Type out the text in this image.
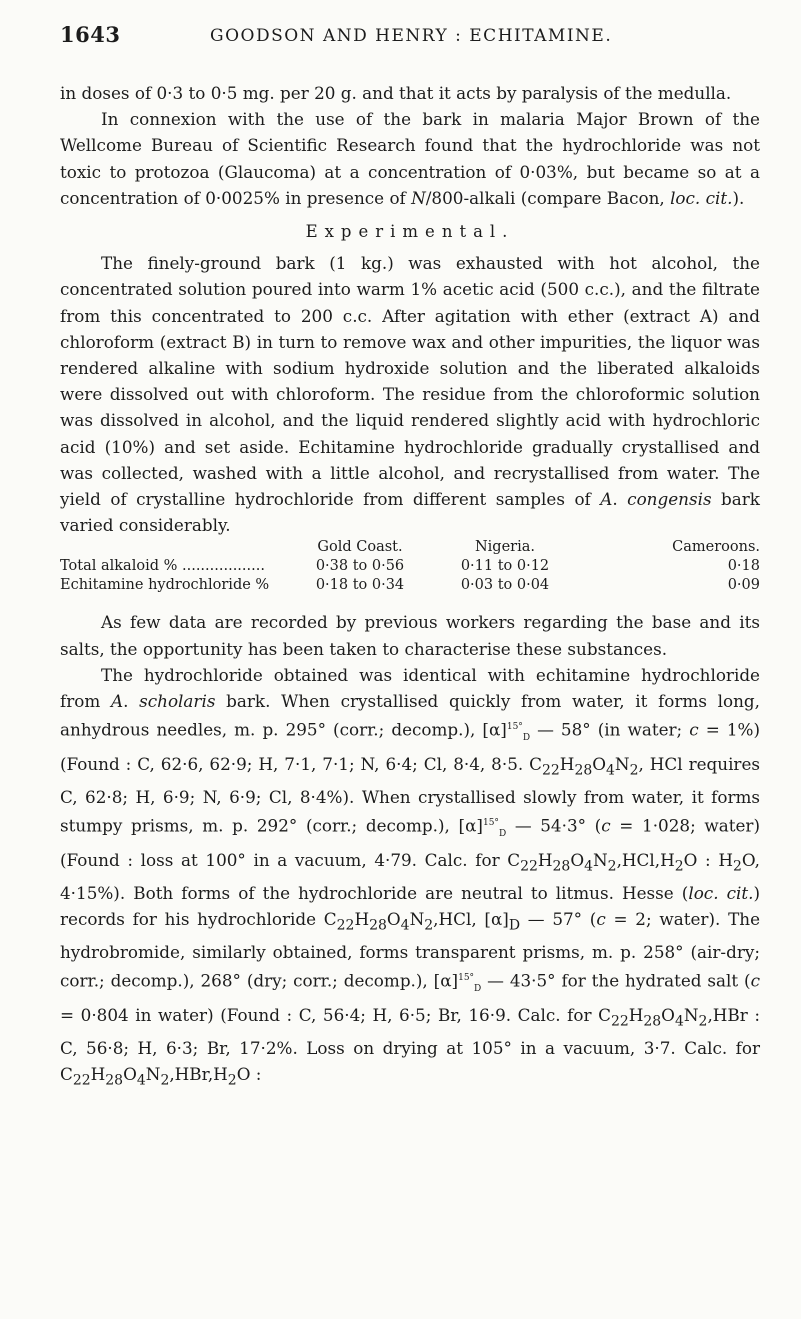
1643	GOODSON AND HENRY : ECHITAMINE.

in doses of 0·3 to 0·5 mg. per 20 g. and that it acts by paralysis of the medulla.

In connexion with the use of the bark in malaria Major Brown of the Wellcome Bureau of Scientific Research found that the hydrochloride was not toxic to protozoa (Glaucoma) at a concentration of 0·03%, but became so at a concentration of 0·0025% in presence of N/800-alkali (compare Bacon, loc. cit.).

Experimental.

The finely-ground bark (1 kg.) was exhausted with hot alcohol, the concentrated solution poured into warm 1% acetic acid (500 c.c.), and the filtrate from this concentrated to 200 c.c. After agitation with ether (extract A) and chloroform (extract B) in turn to remove wax and other impurities, the liquor was rendered alkaline with sodium hydroxide solution and the liberated alkaloids were dissolved out with chloroform. The residue from the chloroformic solution was dissolved in alcohol, and the liquid rendered slightly acid with hydrochloric acid (10%) and set aside. Echitamine hydrochloride gradually crystallised and was collected, washed with a little alcohol, and recrystallised from water. The yield of crystalline hydrochloride from different samples of A. congensis bark varied considerably.

	Gold Coast.	Nigeria.	Cameroons.
Total alkaloid % ..................	0·38 to 0·56	0·11 to 0·12	0·18
Echitamine hydrochloride %	0·18 to 0·34	0·03 to 0·04	0·09

As few data are recorded by previous workers regarding the base and its salts, the opportunity has been taken to characterise these substances.

The hydrochloride obtained was identical with echitamine hydrochloride from A. scholaris bark. When crystallised quickly from water, it forms long, anhydrous needles, m. p. 295° (corr.; decomp.), $[\alpha]^{15^\circ}_D$ — 58° (in water; c = 1%) (Found : C, 62·6, 62·9; H, 7·1, 7·1; N, 6·4; Cl, 8·4, 8·5. $C_{22}H_{28}O_4N_2$, HCl requires C, 62·8; H, 6·9; N, 6·9; Cl, 8·4%). When crystallised slowly from water, it forms stumpy prisms, m. p. 292° (corr.; decomp.), $[\alpha]^{15^\circ}_D$ — 54·3° (c = 1·028; water) (Found : loss at 100° in a vacuum, 4·79. Calc. for $C_{22}H_{28}O_4N_2,HCl,H_2O$ : $H_2O$, 4·15%). Both forms of the hydrochloride are neutral to litmus. Hesse (loc. cit.) records for his hydrochloride $C_{22}H_{28}O_4N_2,HCl$, $[\alpha]_D$ — 57° (c = 2; water). The hydrobromide, similarly obtained, forms transparent prisms, m. p. 258° (air-dry; corr.; decomp.), 268° (dry; corr.; decomp.), $[\alpha]^{15^\circ}_D$ — 43·5° for the hydrated salt (c = 0·804 in water) (Found : C, 56·4; H, 6·5; Br, 16·9. Calc. for $C_{22}H_{28}O_4N_2,HBr$ : C, 56·8; H, 6·3; Br, 17·2%. Loss on drying at 105° in a vacuum, 3·7. Calc. for $C_{22}H_{28}O_4N_2,HBr,H_2O$ :
